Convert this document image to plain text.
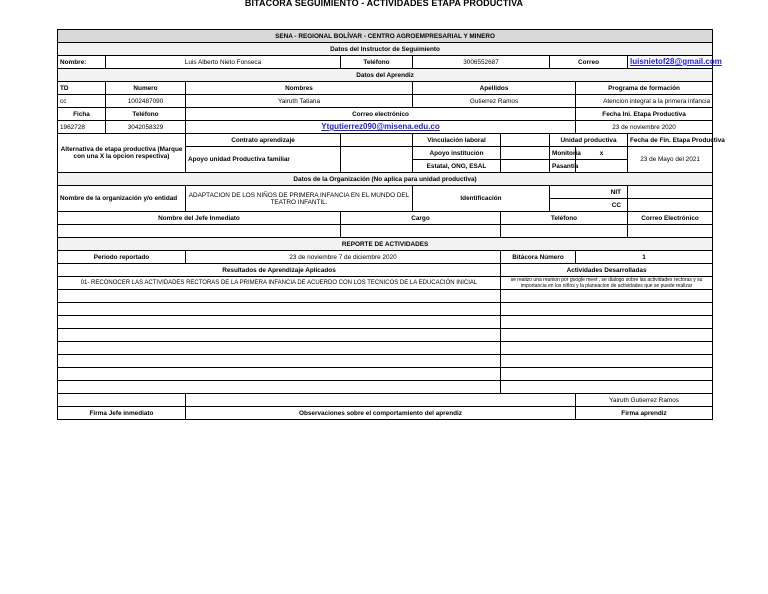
BITACORA SEGUIMIENTO - ACTIVIDADES ETAPA PRODUCTIVA
SENA - REGIONAL BOLÍVAR - CENTRO AGROEMPRESARIAL Y MINERO								
Datos del Instructor de Seguimiento								
Nombre:	Luis Alberto Nieto Fonseca		Teléfono	3006552687		Correo		luisnietof28@gmail.com
Datos del Aprendiz								
TD	Numero	Nombres		Apellidos			Programa de formación	
cc	1002487090	Yairuth Tatiana		Gutierrez Ramos			Atencion integral a la primera infancia	
Ficha	Teléfono	Correo electrónico					Fecha Ini. Etapa Productiva	
1962728	3042058329	Ytgutierrez090@misena.edu.co					23 de noviembre 2020	
Alternativa de etapa productiva (Marque con una X la opcion respectiva)		Contrato aprendizaje		Vinculación laboral		Unidad productiva		Fecha de Fin. Etapa Productiva
		Apoyo unidad Productiva familiar		Apoyo institución		Monitoria	x	23 de Mayo del 2021
				Estatal, ONG, ESAL		Pasantía		
Datos de la Organización (No aplica para unidad productiva)								
Nombre de la organización y/o entidad		ADAPTACION DE LOS NIÑOS DE PRIMERA INFANCIA EN EL MUNDO DEL TEATRO INFANTIL.		Identificación		NIT		
						CC		
Nombre del Jefe Inmediato			Cargo		Teléfono			Correo Electrónico

REPORTE DE ACTIVIDADES								
Periodo reportado		23 de noviembre 7 de diciembre 2020			Bitácora Número		1	
Resultados de Aprendizaje Aplicados					Actividades Desarrolladas			
01- RECONOCER LAS ACTIVIDADES RECTORAS DE LA PRIMERA INFANCIA DE ACUERDO CON LOS TECNICOS DE LA EDUCACIÓN INICIAL					se realizo una reunion por google meet , se dialogo sobre las actividades rectoras y su importancia en los niños y la planeacion de actividades que se puede realizar			

							Yairuth Gutierrez Ramos	
Firma Jefe inmediato		Observaciones sobre el comportamiento del aprendiz					Firma aprendiz	
